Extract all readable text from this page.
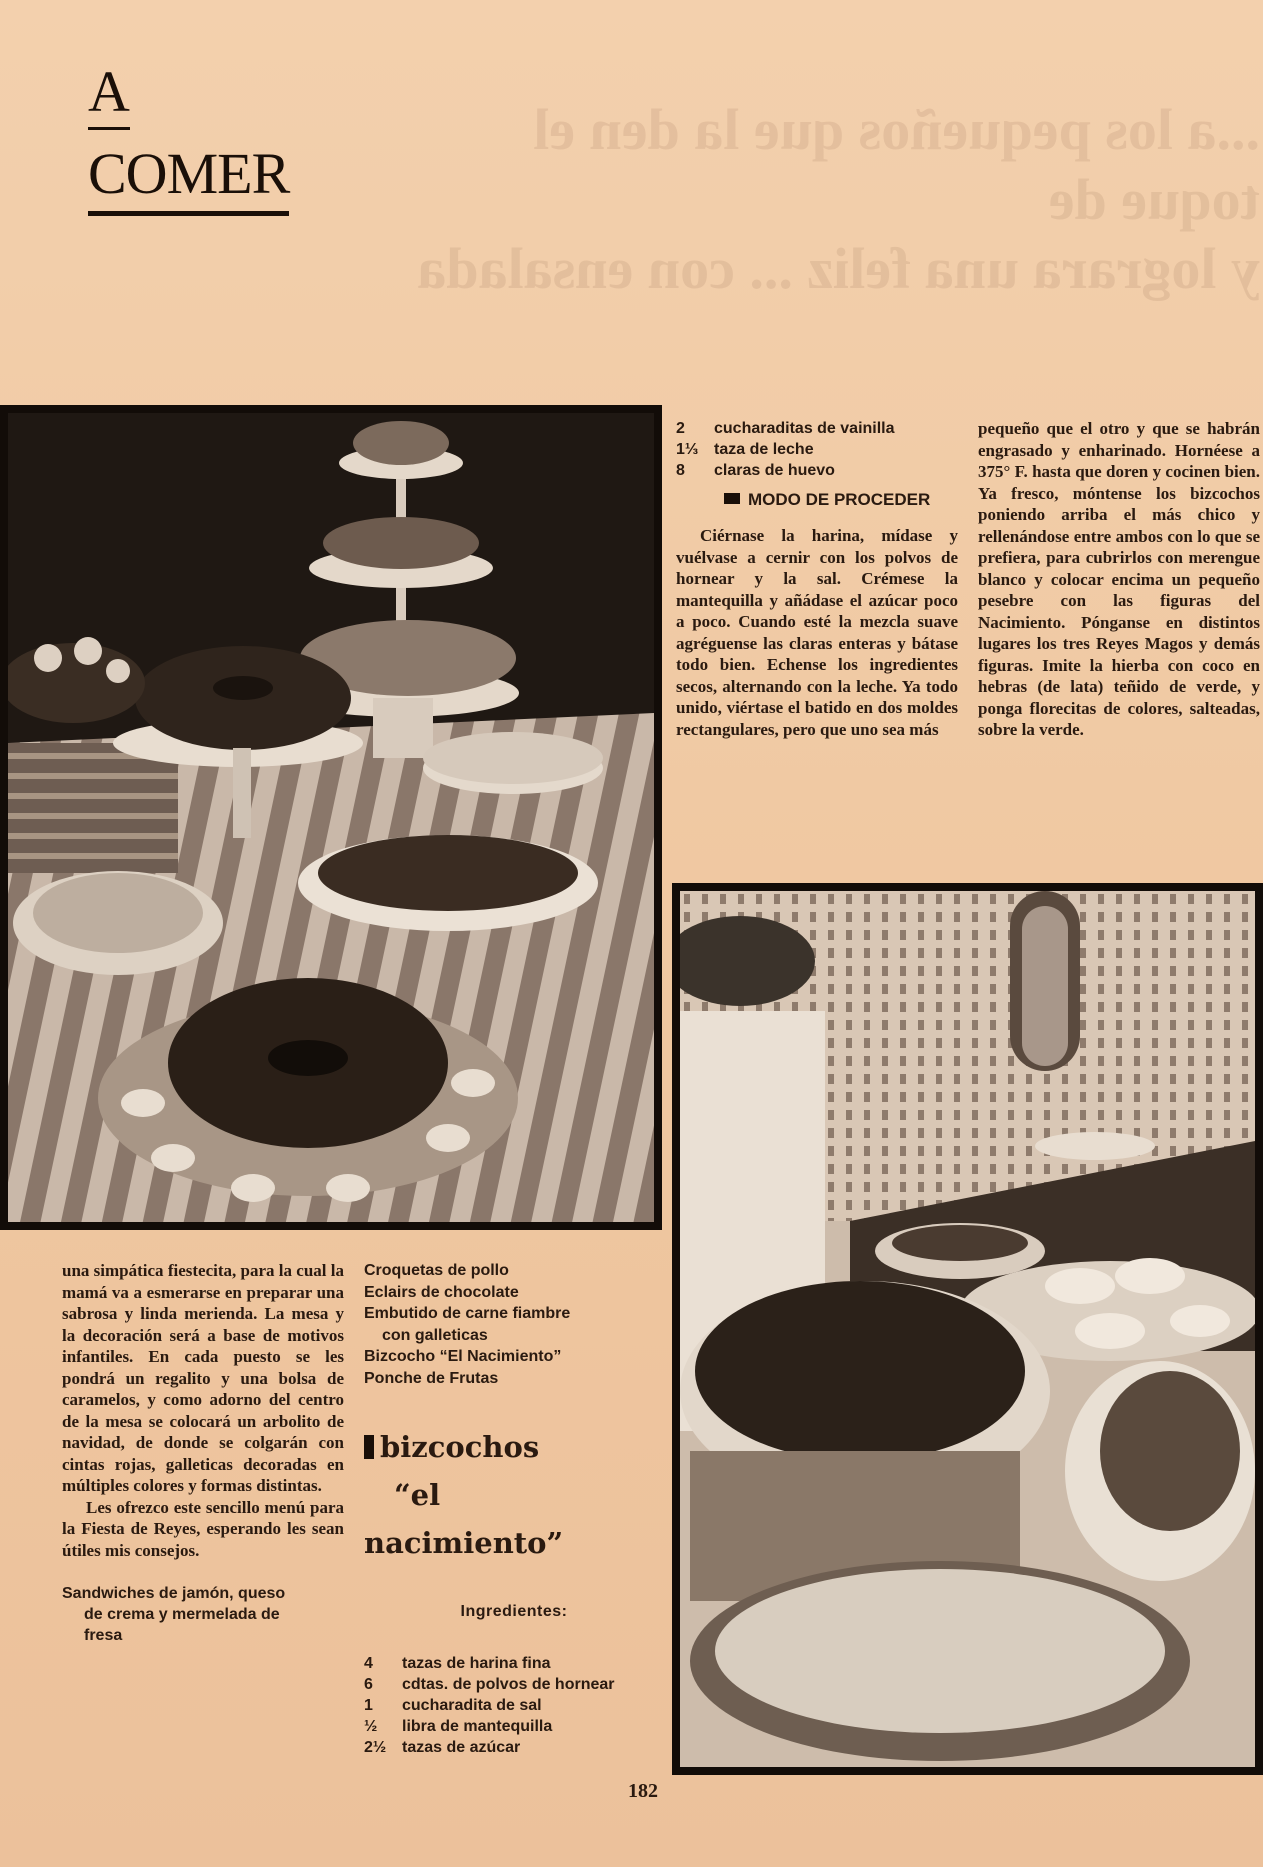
...a los pequeños que la den el toque de
y lograra una feliz ... con ensalada
A
COMER
2	cucharaditas de vainilla
1⅓ taza de leche
8	claras de huevo
MODO DE PROCEDER

Ciérnase la harina, mídase y vuélvase a cernir con los polvos de hornear y la sal. Crémese la mantequilla y añádase el azúcar poco a poco. Cuando esté la mezcla suave agréguense las claras enteras y bátase todo bien. Echense los ingredientes secos, alternando con la leche. Ya todo unido, viértase el batido en dos moldes rectangulares, pero que uno sea más

pequeño que el otro y que se habrán engrasado y enharinado. Hornéese a 375° F. hasta que doren y cocinen bien. Ya fresco, móntense los bizcochos poniendo arriba el más chico y rellenándose entre ambos con lo que se prefiera, para cubrirlos con merengue blanco y colocar encima un pequeño pesebre con las figuras del Nacimiento. Pónganse en distintos lugares los tres Reyes Magos y demás figuras. Imite la hierba con coco en hebras (de lata) teñido de verde, y ponga florecitas de colores, salteadas, sobre la verde.

una simpática fiestecita, para la cual la mamá va a esmerarse en preparar una sabrosa y linda merienda. La mesa y la decoración será a base de motivos infantiles. En cada puesto se les pondrá un regalito y una bolsa de caramelos, y como adorno del centro de la mesa se colocará un arbolito de navidad, de donde se colgarán con cintas rojas, galleticas decoradas en múltiples colores y formas distintas.

Les ofrezco este sencillo menú para la Fiesta de Reyes, esperando les sean útiles mis consejos.

Sandwiches de jamón, queso
de crema y mermelada de
fresa
Croquetas de pollo
Eclairs de chocolate
Embutido de carne fiambre
con galleticas
Bizcocho “El Nacimiento”
Ponche de Frutas
bizcochos
“el
nacimiento”
Ingredientes:
4	tazas de harina fina
6	cdtas. de polvos de hornear
1	cucharadita de sal
½	libra de mantequilla
2½ tazas de azúcar
182
